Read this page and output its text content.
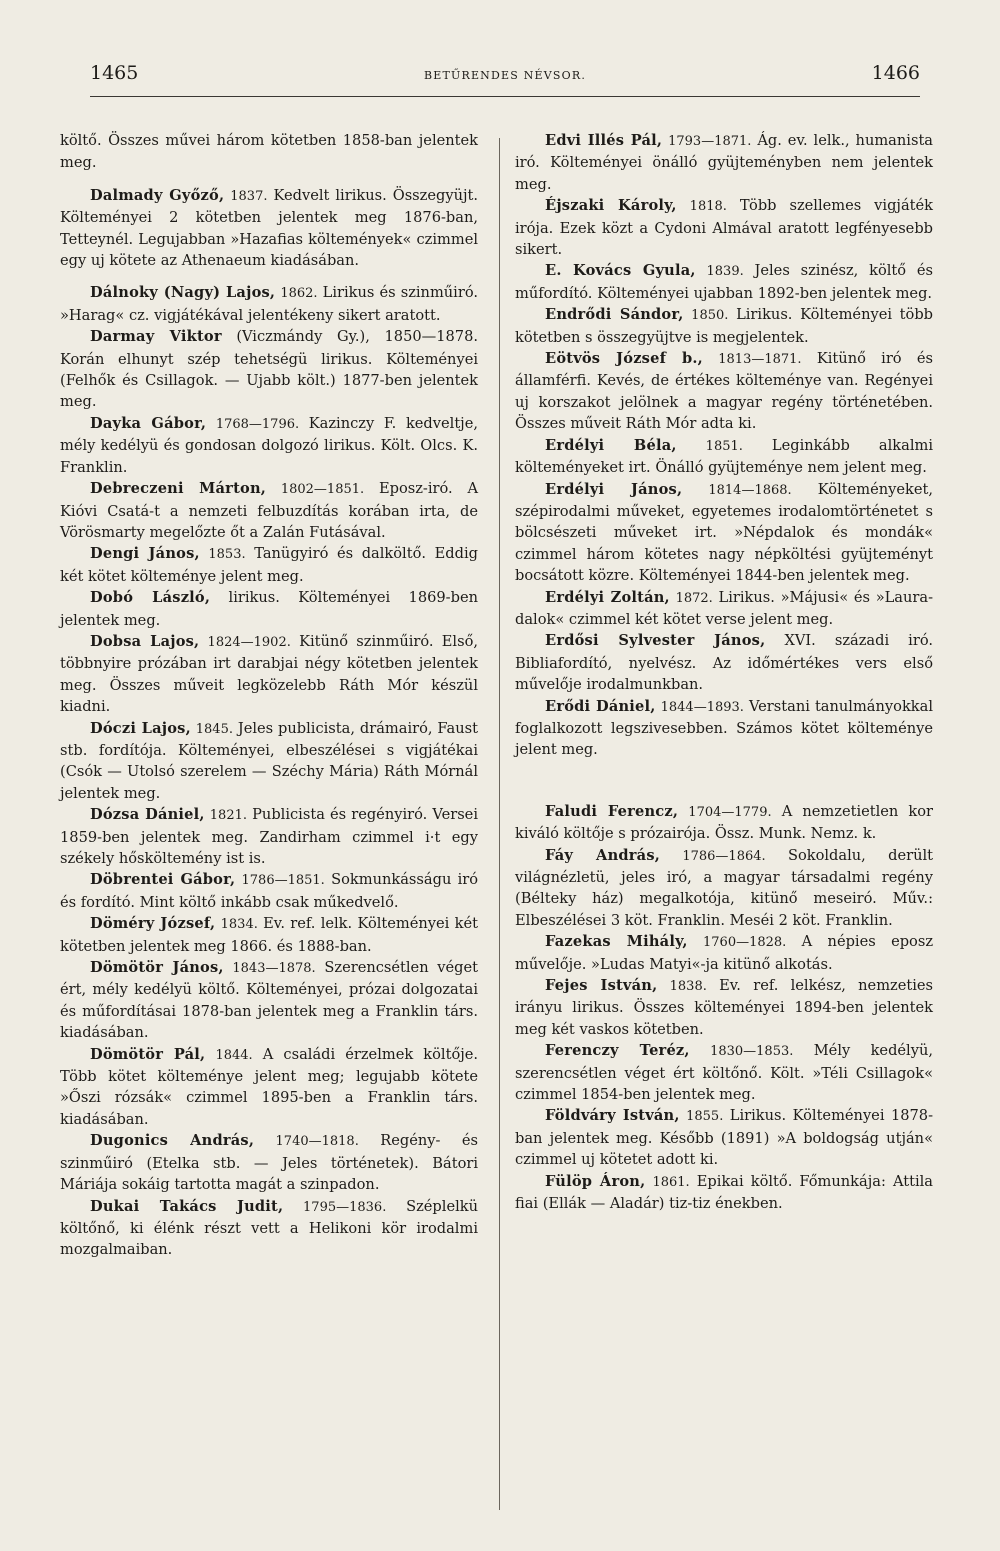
1465	BETŰRENDES NÉVSOR.	1466

költő. Összes művei három kötetben 1858-ban jelentek meg.

Dalmady Győző, 1837. Kedvelt lirikus. Összegyüjt. Költeményei 2 kötetben jelentek meg 1876-ban, Tetteynél. Legujabban »Hazafias költemények« czimmel egy uj kötete az Athenaeum kiadásában.

Dálnoky (Nagy) Lajos, 1862. Lirikus és szinműiró. »Harag« cz. vigjátékával jelentékeny sikert aratott.

Darmay Viktor (Viczmándy Gy.), 1850—1878. Korán elhunyt szép tehetségü lirikus. Költeményei (Felhők és Csillagok. — Ujabb költ.) 1877-ben jelentek meg.

Dayka Gábor, 1768—1796. Kazinczy F. kedveltje, mély kedélyü és gondosan dolgozó lirikus. Költ. Olcs. K. Franklin.

Debreczeni Márton, 1802—1851. Eposz-iró. A Kióvi Csatá-t a nemzeti felbuzdítás korában irta, de Vörösmarty megelőzte őt a Zalán Futásával.

Dengi János, 1853. Tanügyiró és dalköltő. Eddig két kötet költeménye jelent meg.

Dobó László, lirikus. Költeményei 1869-ben jelentek meg.

Dobsa Lajos, 1824—1902. Kitünő szinműiró. Első, többnyire prózában irt darabjai négy kötetben jelentek meg. Összes műveit legközelebb Ráth Mór készül kiadni.

Dóczi Lajos, 1845. Jeles publicista, drámairó, Faust stb. fordítója. Költeményei, elbeszélései s vigjátékai (Csók — Utolsó szerelem — Széchy Mária) Ráth Mórnál jelentek meg.

Dózsa Dániel, 1821. Publicista és regényiró. Versei 1859-ben jelentek meg. Zandirham czimmel i·t egy székely hősköltemény ist is.

Döbrentei Gábor, 1786—1851. Sokmunkásságu iró és fordító. Mint költő inkább csak műkedvelő.

Döméry József, 1834. Ev. ref. lelk. Költeményei két kötetben jelentek meg 1866. és 1888-ban.

Dömötör János, 1843—1878. Szerencsétlen véget ért, mély kedélyü költő. Költeményei, prózai dolgozatai és műfordításai 1878-ban jelentek meg a Franklin társ. kiadásában.

Dömötör Pál, 1844. A családi érzelmek költője. Több kötet költeménye jelent meg; legujabb kötete »Őszi rózsák« czimmel 1895-ben a Franklin társ. kiadásában.

Dugonics András, 1740—1818. Regény- és szinműiró (Etelka stb. — Jeles történetek). Bátori Máriája sokáig tartotta magát a szinpadon.

Dukai Takács Judit, 1795—1836. Széplelkü költőnő, ki élénk részt vett a Helikoni kör irodalmi mozgalmaiban.

Edvi Illés Pál, 1793—1871. Ág. ev. lelk., humanista iró. Költeményei önálló gyüjteményben nem jelentek meg.

Éjszaki Károly, 1818. Több szellemes vigjáték irója. Ezek közt a Cydoni Almával aratott legfényesebb sikert.

E. Kovács Gyula, 1839. Jeles szinész, költő és műfordító. Költeményei ujabban 1892-ben jelentek meg.

Endrődi Sándor, 1850. Lirikus. Költeményei több kötetben s összegyüjtve is megjelentek.

Eötvös József b., 1813—1871. Kitünő iró és államférfi. Kevés, de értékes költeménye van. Regényei uj korszakot jelölnek a magyar regény történetében. Összes műveit Ráth Mór adta ki.

Erdélyi Béla, 1851. Leginkább alkalmi költeményeket irt. Önálló gyüjteménye nem jelent meg.

Erdélyi János, 1814—1868. Költeményeket, szépirodalmi műveket, egyetemes irodalomtörténetet s bölcsészeti műveket irt. »Népdalok és mondák« czimmel három kötetes nagy népköltési gyüjteményt bocsátott közre. Költeményei 1844-ben jelentek meg.

Erdélyi Zoltán, 1872. Lirikus. »Májusi« és »Laura-dalok« czimmel két kötet verse jelent meg.

Erdősi Sylvester János, XVI. századi iró. Bibliafordító, nyelvész. Az időmértékes vers első művelője irodalmunkban.

Erődi Dániel, 1844—1893. Verstani tanulmányokkal foglalkozott legszivesebben. Számos kötet költeménye jelent meg.

Faludi Ferencz, 1704—1779. A nemzetietlen kor kiváló költője s prózairója. Össz. Munk. Nemz. k.

Fáy András, 1786—1864. Sokoldalu, derült világnézletü, jeles iró, a magyar társadalmi regény (Bélteky ház) megalkotója, kitünő meseiró. Műv.: Elbeszélései 3 köt. Franklin. Meséi 2 köt. Franklin.

Fazekas Mihály, 1760—1828. A népies eposz művelője. »Ludas Matyi«-ja kitünő alkotás.

Fejes István, 1838. Ev. ref. lelkész, nemzeties irányu lirikus. Összes költeményei 1894-ben jelentek meg két vaskos kötetben.

Ferenczy Teréz, 1830—1853. Mély kedélyü, szerencsétlen véget ért költőnő. Költ. »Téli Csillagok« czimmel 1854-ben jelentek meg.

Földváry István, 1855. Lirikus. Költeményei 1878-ban jelentek meg. Később (1891) »A boldogság utján« czimmel uj kötetet adott ki.

Fülöp Áron, 1861. Epikai költő. Főmunkája: Attila fiai (Ellák — Aladár) tiz-tiz énekben.
